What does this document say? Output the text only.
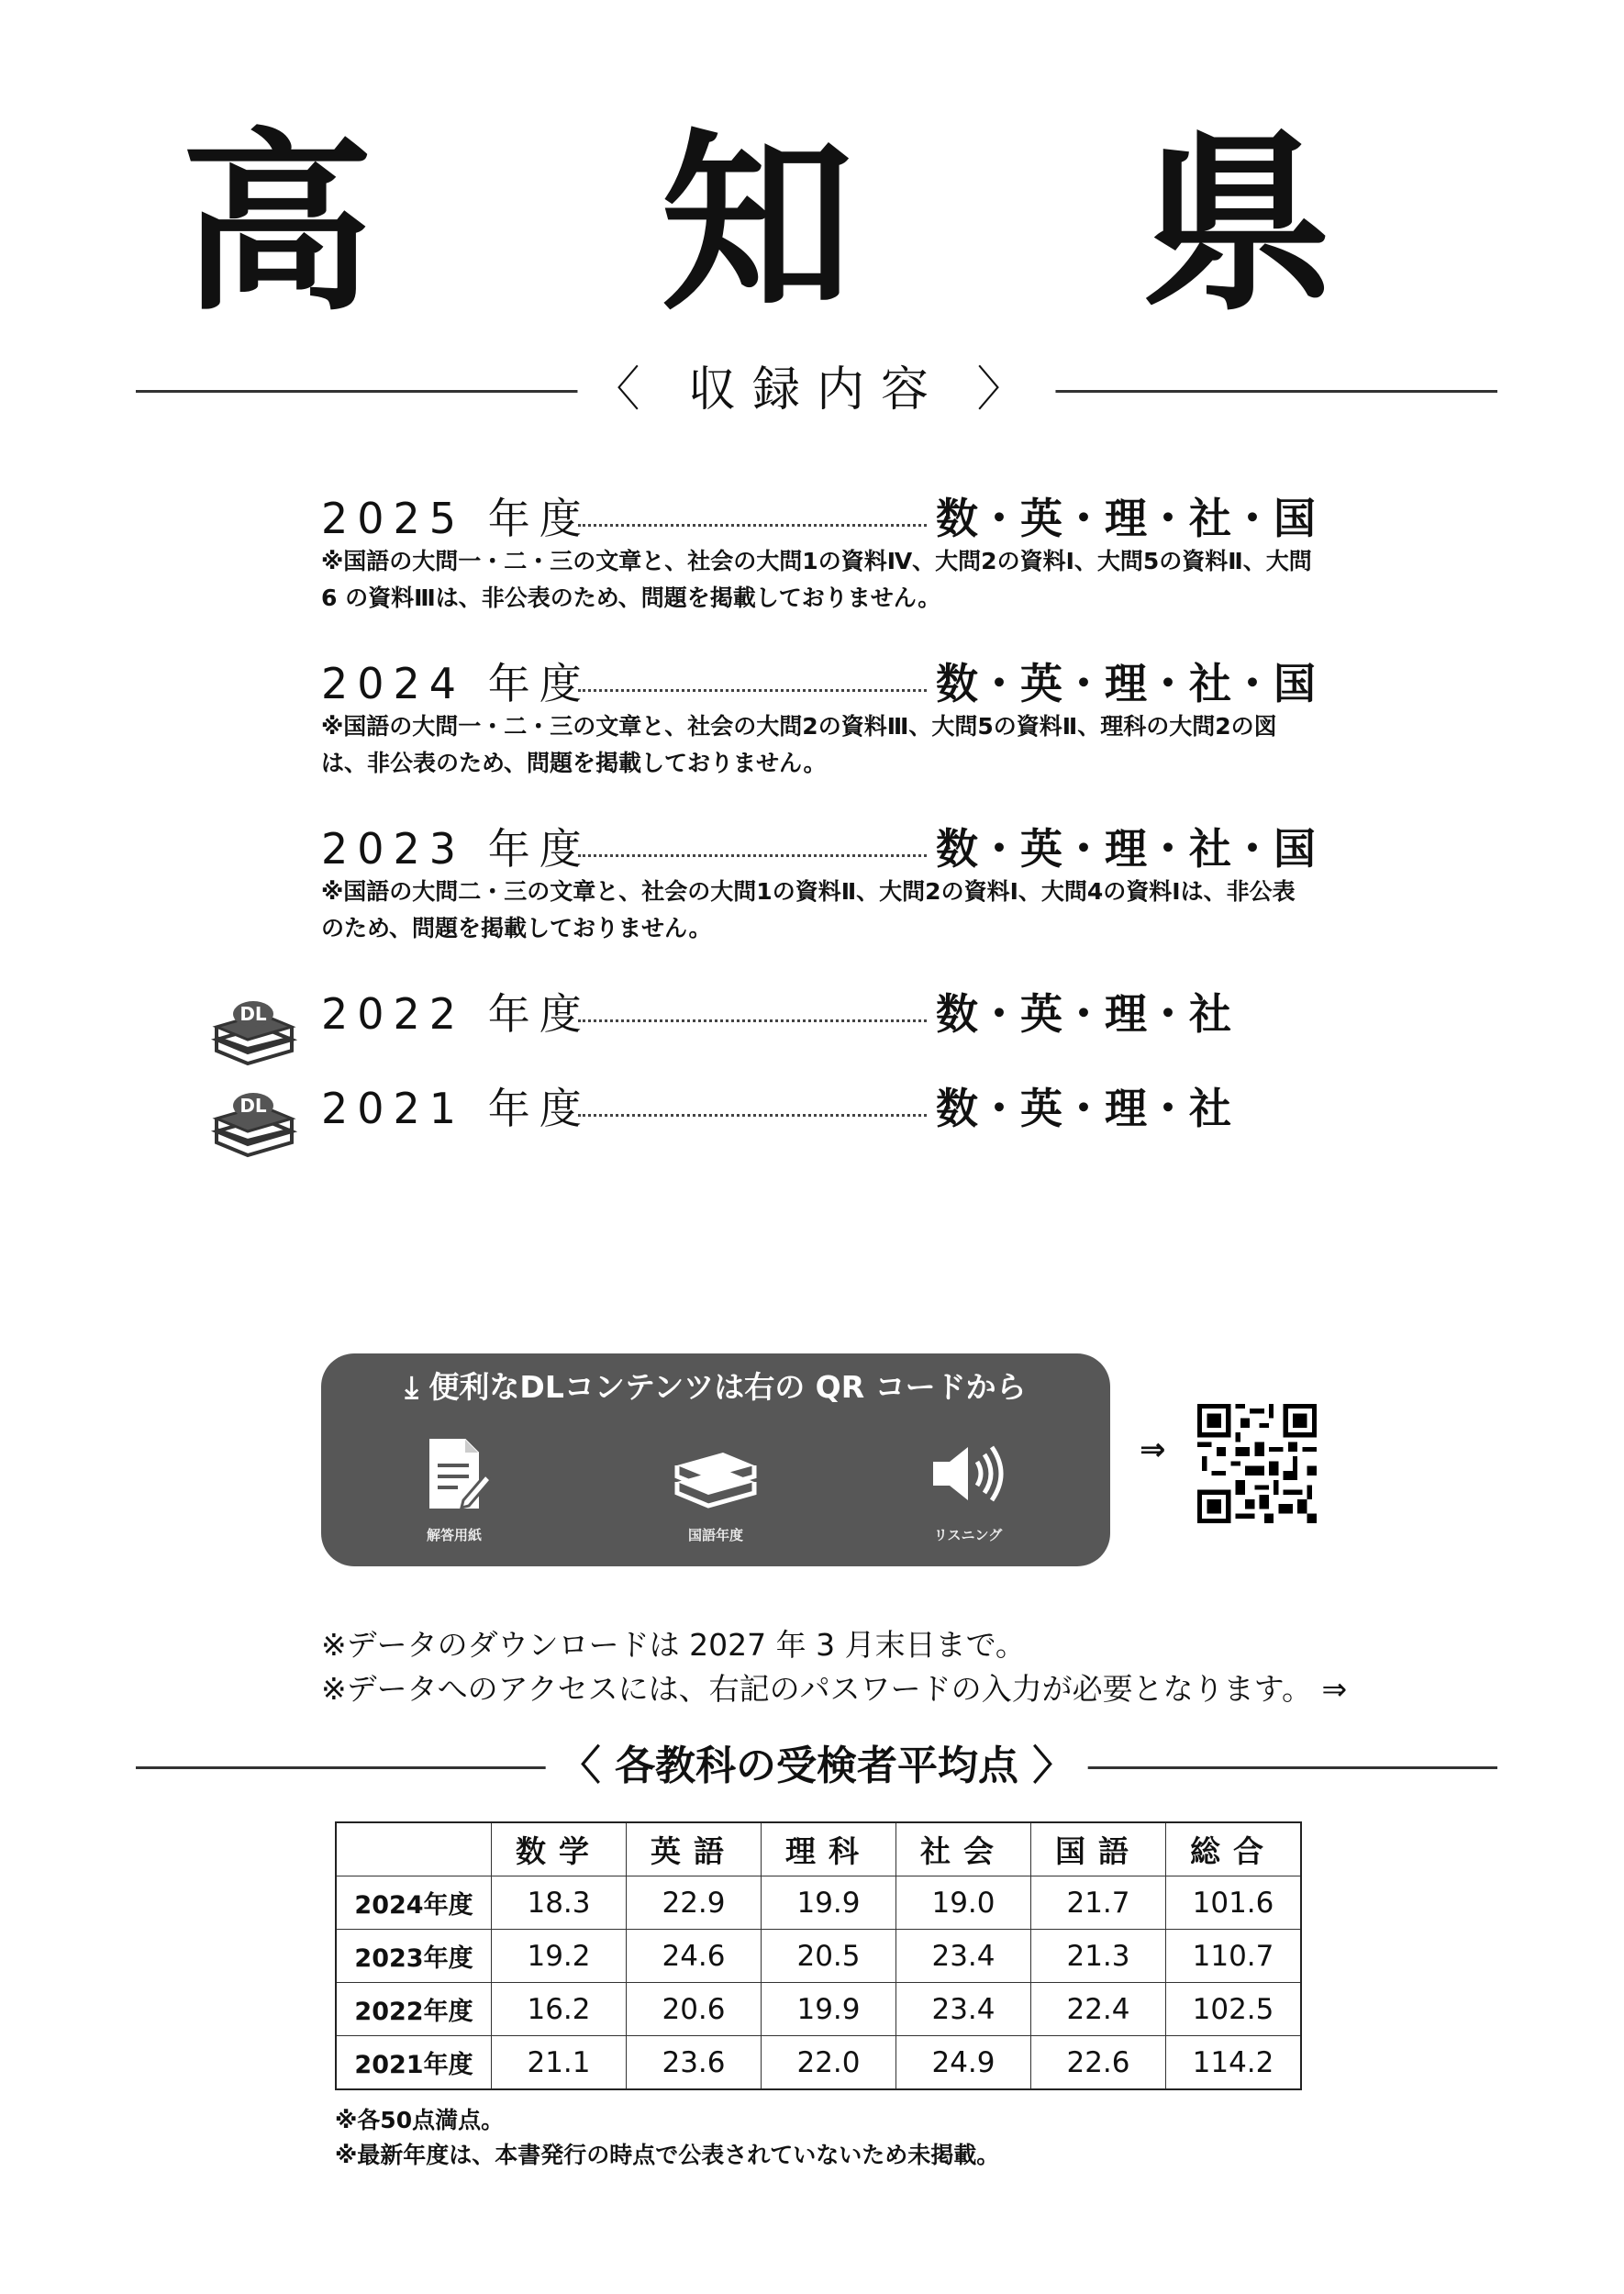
高 知 県
〈 収録内容 〉
2025 年度	数・英・理・社・国
※国語の大問一・二・三の文章と、社会の大問1の資料Ⅳ、大問2の資料Ⅰ、大問5の資料Ⅱ、大問 6 の資料Ⅲは、非公表のため、問題を掲載しておりません。
2024 年度	数・英・理・社・国
※国語の大問一・二・三の文章と、社会の大問2の資料Ⅲ、大問5の資料Ⅱ、理科の大問2の図は、非公表のため、問題を掲載しておりません。
2023 年度	数・英・理・社・国
※国語の大問二・三の文章と、社会の大問1の資料Ⅱ、大問2の資料Ⅰ、大問4の資料Ⅰは、非公表のため、問題を掲載しておりません。
DL 2022 年度	数・英・理・社
DL 2021 年度	数・英・理・社
⤓ 便利なDLコンテンツは右の QR コードから
解答用紙	国語年度	リスニング
⇒
※データのダウンロードは 2027 年 3 月末日まで。
※データへのアクセスには、右記のパスワードの入力が必要となります。 ⇒
〈 各教科の受検者平均点 〉
	数学	英語	理科	社会	国語	総合
2024年度	18.3	22.9	19.9	19.0	21.7	101.6
2023年度	19.2	24.6	20.5	23.4	21.3	110.7
2022年度	16.2	20.6	19.9	23.4	22.4	102.5
2021年度	21.1	23.6	22.0	24.9	22.6	114.2
※各50点満点。
※最新年度は、本書発行の時点で公表されていないため未掲載。
